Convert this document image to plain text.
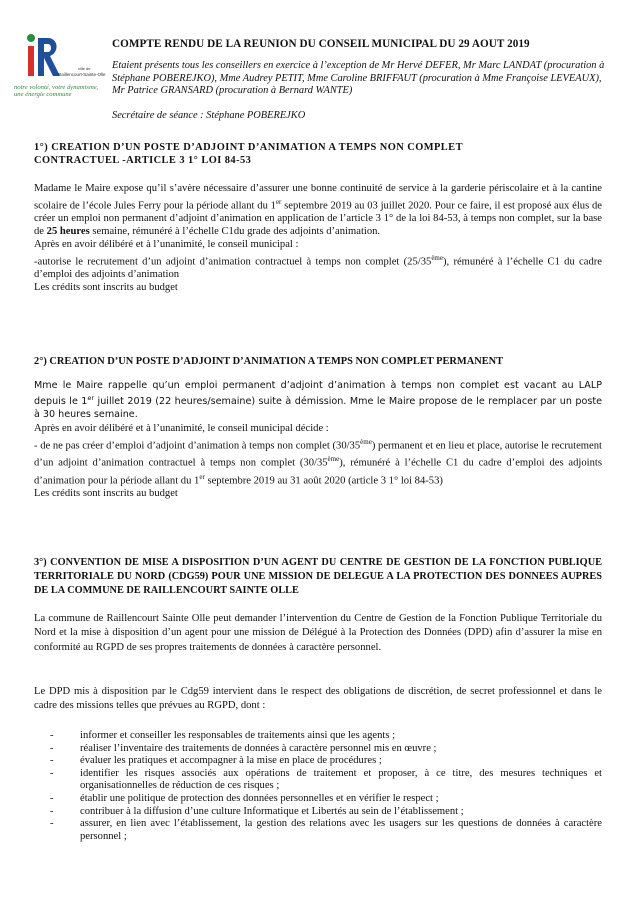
ville de
Raillencourt-Sainte-Olle
notre volonté, votre dynamisme, une énergie commune
COMPTE RENDU DE LA REUNION DU CONSEIL MUNICIPAL DU 29 AOUT 2019
Etaient présents tous les conseillers en exercice à l’exception de Mr Hervé DEFER, Mr Marc LANDAT (procuration à Stéphane POBEREJKO), Mme Audrey PETIT, Mme Caroline BRIFFAUT (procuration à Mme Françoise LEVEAUX), Mr Patrice GRANSARD (procuration à Bernard WANTE)
Secrétaire de séance : Stéphane POBEREJKO
1°) CREATION D’UN POSTE D’ADJOINT D’ANIMATION A TEMPS NON COMPLET
CONTRACTUEL -ARTICLE 3 1° LOI 84-53

Madame le Maire expose qu’il s’avère nécessaire d’assurer une bonne continuité de service à la garderie périscolaire et à la cantine scolaire de l’école Jules Ferry pour la période allant du 1er septembre 2019 au 03 juillet 2020. Pour ce faire, il est proposé aux élus de créer un emploi non permanent d’adjoint d’animation en application de l’article 3 1° de la loi 84-53, à temps non complet, sur la base de 25 heures semaine, rémunéré à l’échelle C1du grade des adjoints d’animation.

Après en avoir délibéré et à l’unanimité, le conseil municipal :

-autorise le recrutement d’un adjoint d’animation contractuel à temps non complet (25/35ème), rémunéré à l’échelle C1 du cadre d’emploi des adjoints d’animation

Les crédits sont inscrits au budget

2°) CREATION D’UN POSTE D’ADJOINT D’ANIMATION A TEMPS NON COMPLET PERMANENT

Mme le Maire rappelle qu’un emploi permanent d’adjoint d’animation à temps non complet est vacant au LALP depuis le 1er juillet 2019 (22 heures/semaine) suite à démission. Mme le Maire propose de le remplacer par un poste à 30 heures semaine.

Après en avoir délibéré et à l’unanimité, le conseil municipal décide :

- de ne pas créer d’emploi d’adjoint d’animation à temps non complet (30/35ème) permanent et en lieu et place, autorise le recrutement d’un adjoint d’animation contractuel à temps non complet (30/35ème), rémunéré à l’échelle C1 du cadre d’emploi des adjoints d’animation pour la période allant du 1er septembre 2019 au 31 août 2020 (article 3 1° loi 84-53)

Les crédits sont inscrits au budget

3°) CONVENTION DE MISE A DISPOSITION D’UN AGENT DU CENTRE DE GESTION DE LA FONCTION PUBLIQUE TERRITORIALE DU NORD (CDG59) POUR UNE MISSION DE DELEGUE A LA PROTECTION DES DONNEES AUPRES DE LA COMMUNE DE RAILLENCOURT SAINTE OLLE
La commune de Raillencourt Sainte Olle peut demander l’intervention du Centre de Gestion de la Fonction Publique Territoriale du Nord et la mise à disposition d’un agent pour une mission de Délégué à la Protection des Données (DPD) afin d’assurer la mise en conformité au RGPD de ses propres traitements de données à caractère personnel.
Le DPD mis à disposition par le Cdg59 intervient dans le respect des obligations de discrétion, de secret professionnel et dans le cadre des missions telles que prévues au RGPD, dont :
- informer et conseiller les responsables de traitements ainsi que les agents ;
- réaliser l’inventaire des traitements de données à caractère personnel mis en œuvre ;
- évaluer les pratiques et accompagner à la mise en place de procédures ;
- identifier les risques associés aux opérations de traitement et proposer, à ce titre, des mesures techniques et organisationnelles de réduction de ces risques ;
- établir une politique de protection des données personnelles et en vérifier le respect ;
- contribuer à la diffusion d’une culture Informatique et Libertés au sein de l’établissement ;
- assurer, en lien avec l’établissement, la gestion des relations avec les usagers sur les questions de données à caractère personnel ;
